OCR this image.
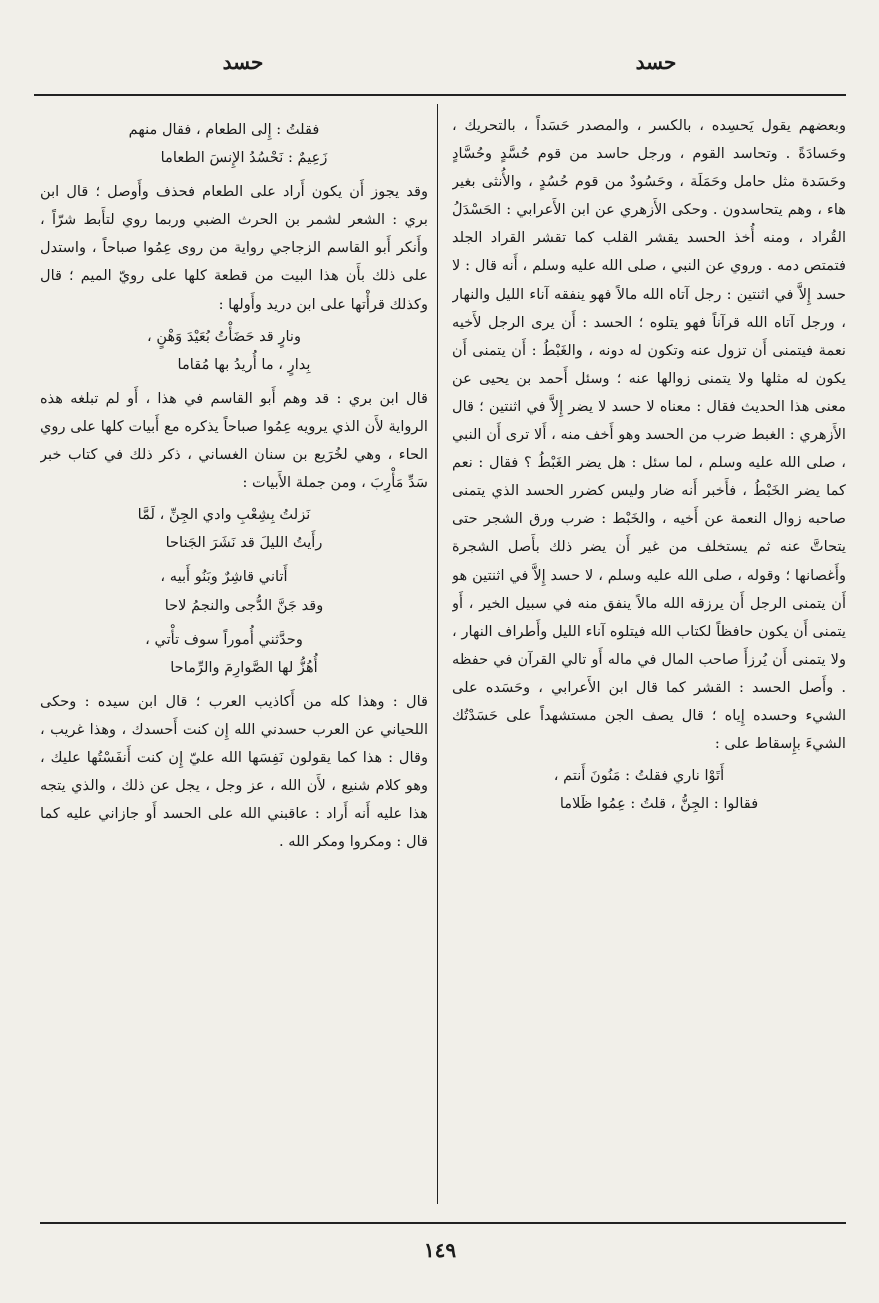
حسد
حسد

وبعضهم يقول يَحسِده ، بالكسر ، والمصدر حَسَداً ، بالتحريك ، وحَسادَةً . وتحاسد القوم ، ورجل حاسد من قوم حُسَّدٍ وحُسَّادٍ وحَسَدة مثل حامل وحَمَلَة ، وحَسُودٌ من قوم حُسُدٍ ، والأُنثى بغير هاء ، وهم يتحاسدون . وحكى الأَزهري عن ابن الأَعرابي : الحَسْدَلُ القُراد ، ومنه أُخذ الحسد يقشر القلب كما تقشر القراد الجلد فتمتص دمه . وروي عن النبي ، صلى الله عليه وسلم ، أَنه قال : لا حسد إِلاَّ في اثنتين : رجل آتاه الله مالاً فهو ينفقه آناء الليل والنهار ، ورجل آتاه الله قرآناً فهو يتلوه ؛ الحسد : أَن يرى الرجل لأَخيه نعمة فيتمنى أَن تزول عنه وتكون له دونه ، والغَبْطُ : أَن يتمنى أَن يكون له مثلها ولا يتمنى زوالها عنه ؛ وسئل أَحمد بن يحيى عن معنى هذا الحديث فقال : معناه لا حسد لا يضر إِلاَّ في اثنتين ؛ قال الأَزهري : الغبط ضرب من الحسد وهو أَخف منه ، أَلا ترى أَن النبي ، صلى الله عليه وسلم ، لما سئل : هل يضر الغَبْطُ ؟ فقال : نعم كما يضر الخَبْطُ ، فأَخبر أَنه ضار وليس كضرر الحسد الذي يتمنى صاحبه زوال النعمة عن أَخيه ، والخَبْط : ضرب ورق الشجر حتى يتحاتَّ عنه ثم يستخلف من غير أَن يضر ذلك بأَصل الشجرة وأَغصانها ؛ وقوله ، صلى الله عليه وسلم ، لا حسد إِلاَّ في اثنتين هو أَن يتمنى الرجل أَن يرزقه الله مالاً ينفق منه في سبيل الخير ، أَو يتمنى أَن يكون حافظاً لكتاب الله فيتلوه آناء الليل وأَطراف النهار ، ولا يتمنى أَن يُرزأَ صاحب المال في ماله أَو تالي القرآن في حفظه . وأَصل الحسد : القشر كما قال ابن الأَعرابي ، وحَسَده على الشيء وحسده إِياه ؛ قال يصف الجن مستشهداً على حَسَدْتُك الشيءَ بإِسقاط على :

أَتَوْا ناري فقلتُ : مَنُونَ أَنتم ،
فقالوا : الجِنُّ ، قلتُ : عِمُوا ظَلاما
فقلتُ : إِلى الطعام ، فقال منهم
زَعِيمٌ : نَحْسُدُ الإِنسَ الطعاما

وقد يجوز أَن يكون أَراد على الطعام فحذف وأَوصل ؛ قال ابن بري : الشعر لشمر بن الحرث الضبي وربما روي لتأَبط شرّاً ، وأَنكر أَبو القاسم الزجاجي رواية من روى عِمُوا صباحاً ، واستدل على ذلك بأَن هذا البيت من قطعة كلها على رويّ الميم ؛ قال وكذلك قرأْتها على ابن دريد وأَولها :

ونارٍ قد حَضَأْتُ بُعَيْدَ وَهْنٍ ،
بِدارٍ ، ما أُريدُ بها مُقاما

قال ابن بري : قد وهم أَبو القاسم في هذا ، أَو لم تبلغه هذه الرواية لأَن الذي يرويه عِمُوا صباحاً يذكره مع أَبيات كلها على روي الحاء ، وهي لخُرَيع بن سنان الغساني ، ذكر ذلك في كتاب خبر سَدِّ مَأْرِبَ ، ومن جملة الأَبيات :

نَزلتُ بِشِعْبِ وادي الجِنِّ ، لَمَّا
رأَيتُ الليلَ قد نَشَرَ الجَناحا
أَتاني قاشِرٌ وبَنُو أَبيه ،
وقد جَنَّ الدُّجى والنجمُ لاحا
وحدَّثني أُموراً سوف تأْتي ،
أُهُزُّ لها الصَّوارِمَ والرِّماحا

قال : وهذا كله من أَكاذيب العرب ؛ قال ابن سيده : وحكى اللحياني عن العرب حسدني الله إِن كنت أَحسدك ، وهذا غريب ، وقال : هذا كما يقولون نَفِسَها الله عليّ إِن كنت أَنفَسْتُها عليك ، وهو كلام شنيع ، لأَن الله ، عز وجل ، يجل عن ذلك ، والذي يتجه هذا عليه أَنه أَراد : عاقبني الله على الحسد أَو جازاني عليه كما قال : ومكروا ومكر الله .

١٤٩
